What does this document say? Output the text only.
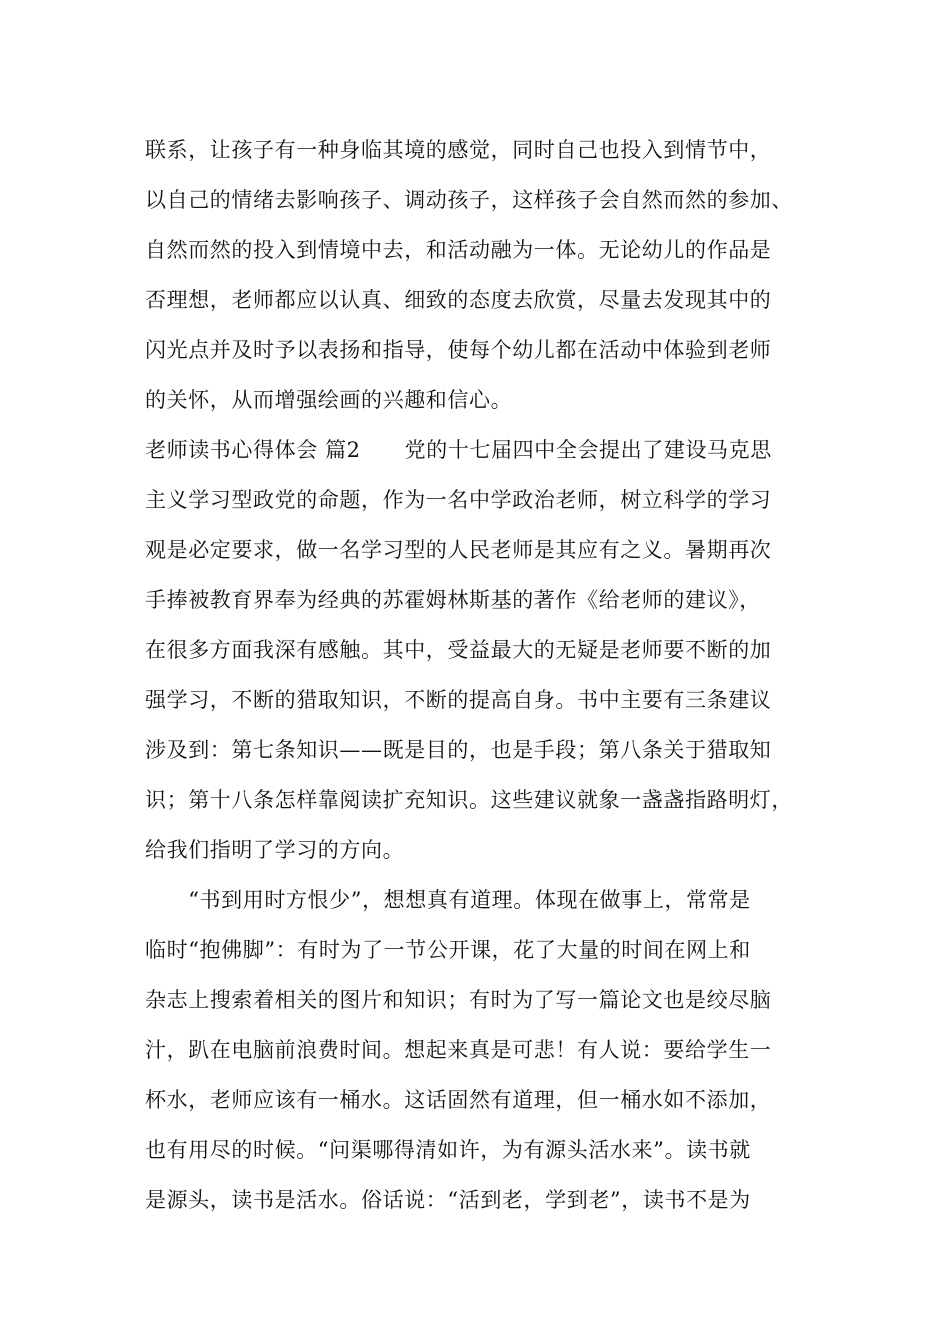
联系，让孩子有一种身临其境的感觉，同时自己也投入到情节中，
以自己的情绪去影响孩子、调动孩子，这样孩子会自然而然的参加、
自然而然的投入到情境中去，和活动融为一体。无论幼儿的作品是
否理想，老师都应以认真、细致的态度去欣赏，尽量去发现其中的
闪光点并及时予以表扬和指导，使每个幼儿都在活动中体验到老师
的关怀，从而增强绘画的兴趣和信心。
老师读书心得体会 篇2 党的十七届四中全会提出了建设马克思
主义学习型政党的命题，作为一名中学政治老师，树立科学的学习
观是必定要求，做一名学习型的人民老师是其应有之义。暑期再次
手捧被教育界奉为经典的苏霍姆林斯基的著作《给老师的建议》，
在很多方面我深有感触。其中，受益最大的无疑是老师要不断的加
强学习，不断的猎取知识，不断的提高自身。书中主要有三条建议
涉及到：第七条知识——既是目的，也是手段；第八条关于猎取知
识；第十八条怎样靠阅读扩充知识。这些建议就象一盏盏指路明灯，
给我们指明了学习的方向。
　　“书到用时方恨少”，想想真有道理。体现在做事上，常常是
临时“抱佛脚”：有时为了一节公开课，花了大量的时间在网上和
杂志上搜索着相关的图片和知识；有时为了写一篇论文也是绞尽脑
汁，趴在电脑前浪费时间。想起来真是可悲！有人说：要给学生一
杯水，老师应该有一桶水。这话固然有道理，但一桶水如不添加，
也有用尽的时候。“问渠哪得清如许，为有源头活水来”。读书就
是源头，读书是活水。俗话说：“活到老，学到老”，读书不是为
